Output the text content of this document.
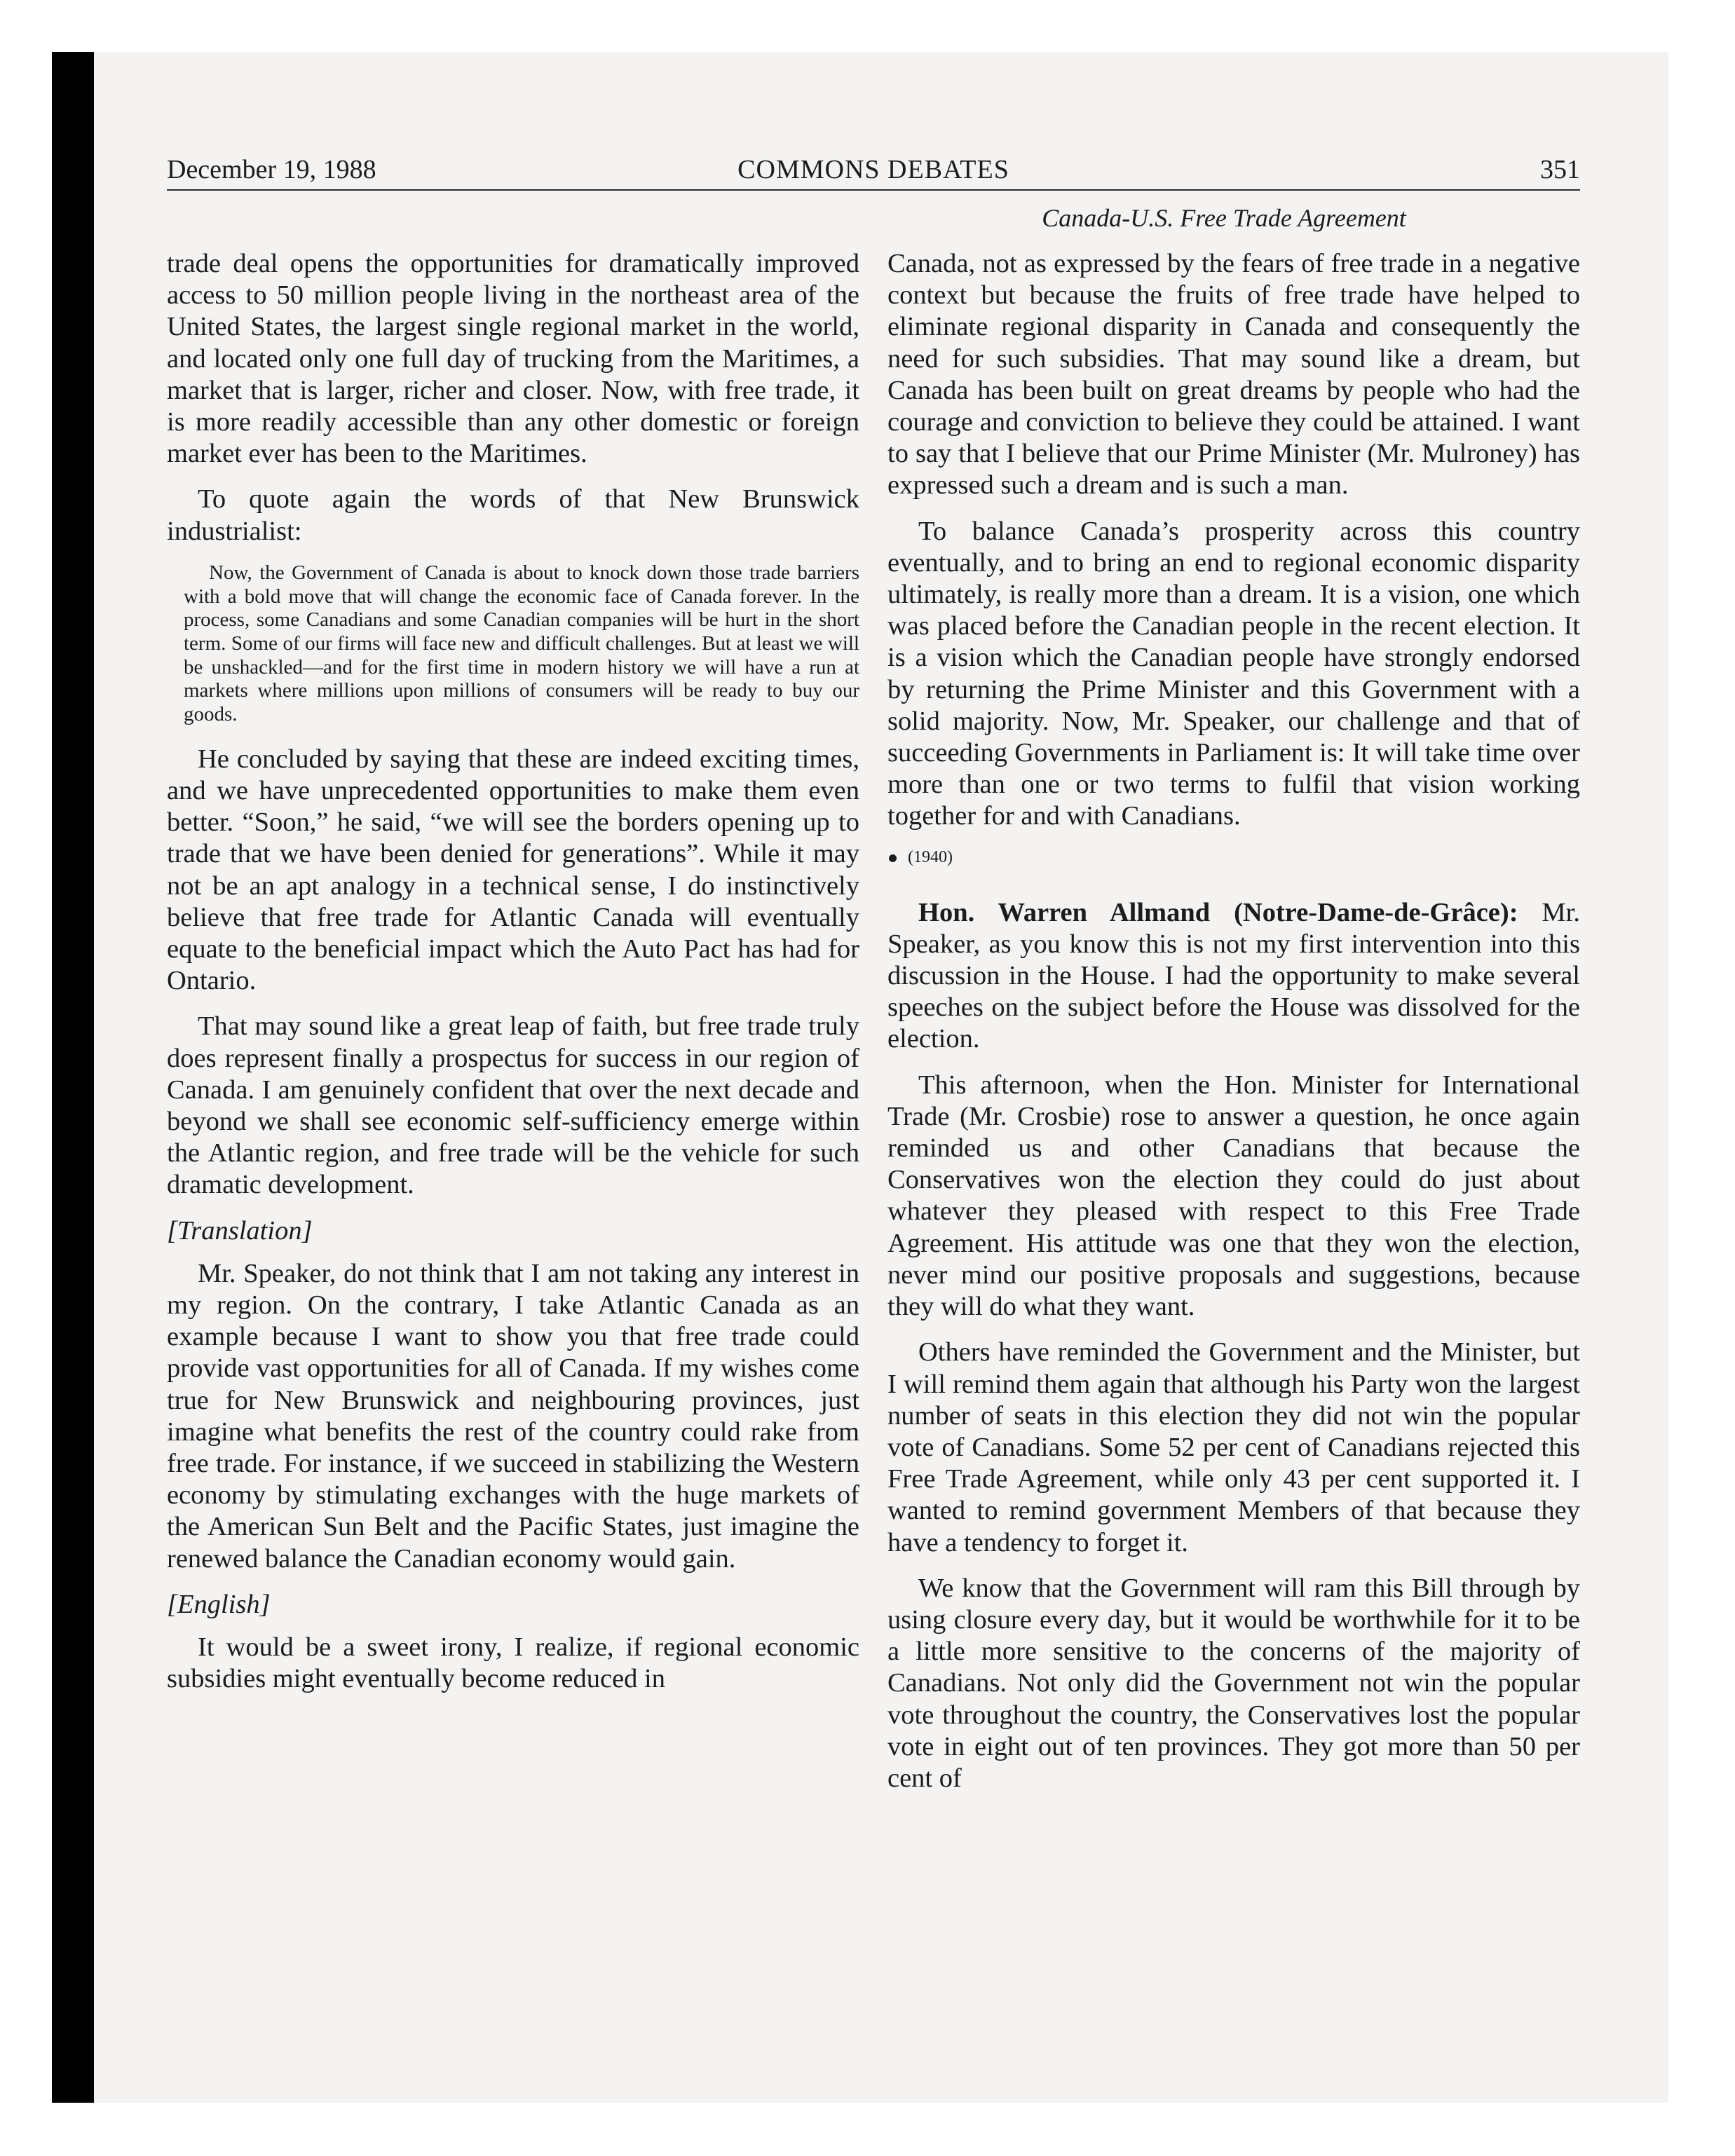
December 19, 1988	COMMONS DEBATES	351
Canada-U.S. Free Trade Agreement

trade deal opens the opportunities for dramatically improved access to 50 million people living in the northeast area of the United States, the largest single regional market in the world, and located only one full day of trucking from the Maritimes, a market that is larger, richer and closer. Now, with free trade, it is more readily accessible than any other domestic or foreign market ever has been to the Maritimes.

To quote again the words of that New Brunswick industrialist:

Now, the Government of Canada is about to knock down those trade barriers with a bold move that will change the economic face of Canada forever. In the process, some Canadians and some Canadian companies will be hurt in the short term. Some of our firms will face new and difficult challenges. But at least we will be unshackled—and for the first time in modern history we will have a run at markets where millions upon millions of consumers will be ready to buy our goods.

He concluded by saying that these are indeed exciting times, and we have unprecedented opportunities to make them even better. “Soon,” he said, “we will see the borders opening up to trade that we have been denied for generations”. While it may not be an apt analogy in a technical sense, I do instinctively believe that free trade for Atlantic Canada will eventually equate to the beneficial impact which the Auto Pact has had for Ontario.

That may sound like a great leap of faith, but free trade truly does represent finally a prospectus for success in our region of Canada. I am genuinely confident that over the next decade and beyond we shall see economic self-sufficiency emerge within the Atlantic region, and free trade will be the vehicle for such dramatic development.

[Translation]

Mr. Speaker, do not think that I am not taking any interest in my region. On the contrary, I take Atlantic Canada as an example because I want to show you that free trade could provide vast opportunities for all of Canada. If my wishes come true for New Brunswick and neighbouring provinces, just imagine what benefits the rest of the country could rake from free trade. For instance, if we succeed in stabilizing the Western economy by stimulating exchanges with the huge markets of the American Sun Belt and the Pacific States, just imagine the renewed balance the Canadian economy would gain.

[English]

It would be a sweet irony, I realize, if regional economic subsidies might eventually become reduced in

Canada, not as expressed by the fears of free trade in a negative context but because the fruits of free trade have helped to eliminate regional disparity in Canada and consequently the need for such subsidies. That may sound like a dream, but Canada has been built on great dreams by people who had the courage and conviction to believe they could be attained. I want to say that I believe that our Prime Minister (Mr. Mulroney) has expressed such a dream and is such a man.

To balance Canada’s prosperity across this country eventually, and to bring an end to regional economic disparity ultimately, is really more than a dream. It is a vision, one which was placed before the Canadian people in the recent election. It is a vision which the Canadian people have strongly endorsed by returning the Prime Minister and this Government with a solid majority. Now, Mr. Speaker, our challenge and that of succeeding Governments in Parliament is: It will take time over more than one or two terms to fulfil that vision working together for and with Canadians.

(1940)

Hon. Warren Allmand (Notre-Dame-de-Grâce): Mr. Speaker, as you know this is not my first intervention into this discussion in the House. I had the opportunity to make several speeches on the subject before the House was dissolved for the election.

This afternoon, when the Hon. Minister for International Trade (Mr. Crosbie) rose to answer a question, he once again reminded us and other Canadians that because the Conservatives won the election they could do just about whatever they pleased with respect to this Free Trade Agreement. His attitude was one that they won the election, never mind our positive proposals and suggestions, because they will do what they want.

Others have reminded the Government and the Minister, but I will remind them again that although his Party won the largest number of seats in this election they did not win the popular vote of Canadians. Some 52 per cent of Canadians rejected this Free Trade Agreement, while only 43 per cent supported it. I wanted to remind government Members of that because they have a tendency to forget it.

We know that the Government will ram this Bill through by using closure every day, but it would be worthwhile for it to be a little more sensitive to the concerns of the majority of Canadians. Not only did the Government not win the popular vote throughout the country, the Conservatives lost the popular vote in eight out of ten provinces. They got more than 50 per cent of
